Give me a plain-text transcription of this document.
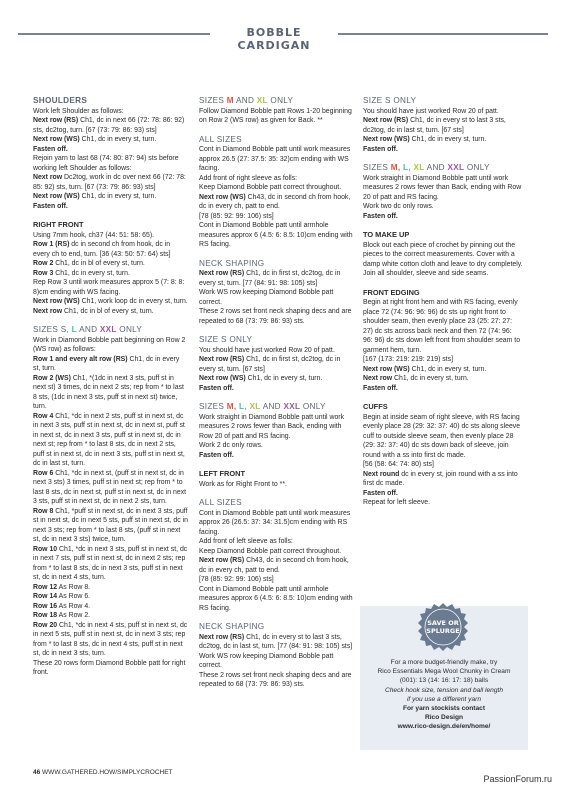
BOBBLE CARDIGAN

SHOULDERS

Work left Shoulder as follows:

Next row (RS) Ch1, dc in next 66 (72: 78: 86: 92) sts, dc2tog, turn. [67 (73: 79: 86: 93) sts]

Next row (WS) Ch1, dc in every st, turn.

Fasten off.

Rejoin yarn to last 68 (74: 80: 87: 94) sts before working left Shoulder as follows:

Next row Dc2tog, work in dc over next 66 (72: 78: 85: 92) sts, turn. [67 (73: 79: 86: 93) sts]

Next row (WS) Ch1, dc in every st, turn.

Fasten off.

RIGHT FRONT

Using 7mm hook, ch37 (44: 51: 58: 65).

Row 1 (RS) dc in second ch from hook, dc in every ch to end, turn. [36 (43: 50: 57: 64) sts]

Row 2 Ch1, dc in bl of every st, turn.

Row 3 Ch1, dc in every st, turn.

Rep Row 3 until work measures approx 5 (7: 8: 8: 8)cm ending with WS facing.

Next row (WS) Ch1, work loop dc in every st, turn.

Next row Ch1, dc in bl of every st, turn.

SIZES S, L AND XXL ONLY

Work in Diamond Bobble patt beginning on Row 2 (WS row) as follows:

Row 1 and every alt row (RS) Ch1, dc in every st, turn.

Row 2 (WS) Ch1, *(1dc in next 3 sts, puff st in next st) 3 times, dc in next 2 sts; rep from * to last 8 sts, (1dc in next 3 sts, puff st in next st) twice, turn.

Row 4 Ch1, *dc in next 2 sts, puff st in next st, dc in next 3 sts, puff st in next st, dc in next st, puff st in next st, dc in next 3 sts, puff st in next st, dc in next st; rep from * to last 8 sts, dc in next 2 sts, puff st in next st, dc in next 3 sts, puff st in next st, dc in last st, turn.

Row 6 Ch1, *dc in next st, (puff st in next st, dc in next 3 sts) 3 times, puff st in next st; rep from * to last 8 sts, dc in next st, puff st in next st, dc in next 3 sts, puff st in next st, dc in next 2 sts, turn.

Row 8 Ch1, *puff st in next st, dc in next 3 sts, puff st in next st, dc in next 5 sts, puff st in next st, dc in next 3 sts; rep from * to last 8 sts, (puff st in next st, dc in next 3 sts) twice, turn.

Row 10 Ch1, *dc in next 3 sts, puff st in next st, dc in next 7 sts, puff st in next st, dc in next 2 sts; rep from * to last 8 sts, dc in next 3 sts, puff st in next st, dc in next 4 sts, turn.

Row 12 As Row 8.

Row 14 As Row 6.

Row 16 As Row 4.

Row 18 As Row 2.

Row 20 Ch1, *dc in next 4 sts, puff st in next st, dc in next 5 sts, puff st in next st, dc in next 3 sts; rep from * to last 8 sts, dc in next 4 sts, puff st in next st, dc in next 3 sts, turn.

These 20 rows form Diamond Bobble patt for right front.

SIZES M AND XL ONLY

Follow Diamond Bobble patt Rows 1-20 beginning on Row 2 (WS row) as given for Back. **

ALL SIZES

Cont in Diamond Bobble patt until work measures approx 26.5 (27: 37.5: 35: 32)cm ending with WS facing.

Add front of right sleeve as folls:

Keep Diamond Bobble patt correct throughout.

Next row (WS) Ch43, dc in second ch from hook, dc in every ch, patt to end.

[78 (85: 92: 99: 106) sts]

Cont in Diamond Bobble patt until armhole measures approx 6 (4.5: 6: 8.5: 10)cm ending with RS facing.

NECK SHAPING

Next row (RS) Ch1, dc in first st, dc2tog, dc in every st, turn. [77 (84: 91: 98: 105) sts]

Work WS row keeping Diamond Bobble patt correct.

These 2 rows set front neck shaping decs and are repeated to 68 (73: 79: 86: 93) sts.

SIZE S ONLY

You should have just worked Row 20 of patt.

Next row (RS) Ch1, dc in first st, dc2tog, dc in every st, turn. [67 sts]

Next row (WS) Ch1, dc in every st, turn.

Fasten off.

SIZES M, L, XL AND XXL ONLY

Work straight in Diamond Bobble patt until work measures 2 rows fewer than Back, ending with Row 20 of patt and RS facing.

Work 2 dc only rows.

Fasten off.

LEFT FRONT

Work as for Right Front to **.

ALL SIZES

Cont in Diamond Bobble patt until work measures approx 26 (26.5: 37: 34: 31.5)cm ending with RS facing.

Add front of left sleeve as folls:

Keep Diamond Bobble patt correct throughout.

Next row (RS) Ch43, dc in second ch from hook, dc in every ch, patt to end.

[78 (85: 92: 99: 106) sts]

Cont in Diamond Bobble patt until armhole measures approx 6 (4.5: 6: 8.5: 10)cm ending with RS facing.

NECK SHAPING

Next row (RS) Ch1, dc in every st to last 3 sts, dc2tog, dc in last st, turn. [77 (84: 91: 98: 105) sts]

Work WS row keeping Diamond Bobble patt correct.

These 2 rows set front neck shaping decs and are repeated to 68 (73: 79: 86: 93) sts.

SIZE S ONLY

You should have just worked Row 20 of patt.

Next row (RS) Ch1, dc in every st to last 3 sts, dc2tog, dc in last st, turn. [67 sts]

Next row (WS) Ch1, dc in every st, turn.

Fasten off.

SIZES M, L, XL AND XXL ONLY

Work straight in Diamond Bobble patt until work measures 2 rows fewer than Back, ending with Row 20 of patt and RS facing.

Work two dc only rows.

Fasten off.

TO MAKE UP

Block out each piece of crochet by pinning out the pieces to the correct measurements. Cover with a damp white cotton cloth and leave to dry completely.

Join all shoulder, sleeve and side seams.

FRONT EDGING

Begin at right front hem and with RS facing, evenly place 72 (74: 96: 96: 96) dc sts up right front to shoulder seam, then evenly place 23 (25: 27: 27: 27) dc sts across back neck and then 72 (74: 96: 96: 96) dc sts down left front from shoulder seam to garment hem, turn.

[167 (173: 219: 219: 219) sts]

Next row (WS) Ch1, dc in every st, turn.

Next row Ch1, dc in every st, turn.

Fasten off.

CUFFS

Begin at inside seam of right sleeve, with RS facing evenly place 28 (29: 32: 37: 40) dc sts along sleeve cuff to outside sleeve seam, then evenly place 28 (29: 32: 37: 40) dc sts down back of sleeve, join round with a ss into first dc made.

[56 (58: 64: 74: 80) sts]

Next round dc in every st, join round with a ss into first dc made.

Fasten off.

Repeat for left sleeve.

SAVE OR
SPLURGE
For a more budget-friendly make, try
Rico Essentials Mega Wool Chunky in Cream
(001): 13 (14: 16: 17: 18) balls
Check hook size, tension and ball length
if you use a different yarn
For yarn stockists contact
Rico Design
www.rico-design.de/en/home/
46 WWW.GATHERED.HOW/SIMPLYCROCHET
PassionForum.ru
